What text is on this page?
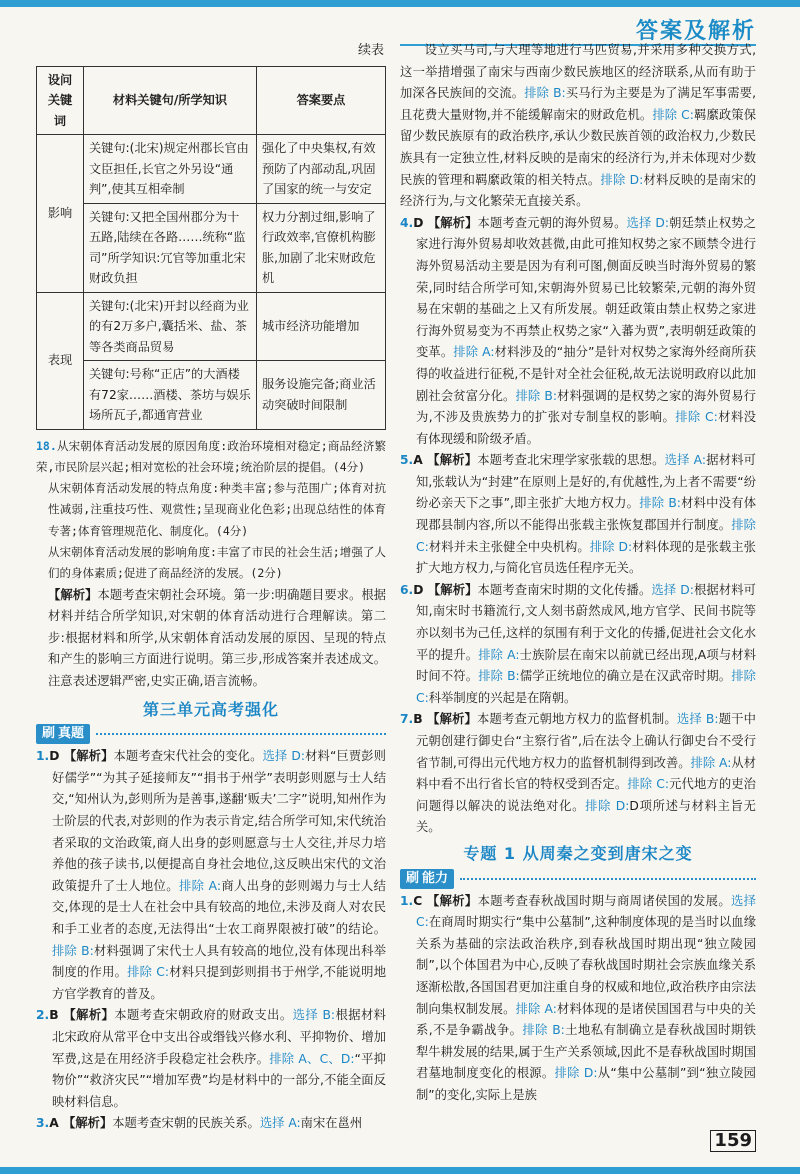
答案及解析

续表

设问关键词	材料关键句/所学知识	答案要点
影响	关键句:(北宋)规定州郡长官由文臣担任,长官之外另设“通判”,使其互相牵制	强化了中央集权,有效预防了内部动乱,巩固了国家的统一与安定
	关键句:又把全国州郡分为十五路,陆续在各路……统称“监司”所学知识:冗官等加重北宋财政负担	权力分割过细,影响了行政效率,官僚机构膨胀,加剧了北宋财政危机
表现	关键句:(北宋)开封以经商为业的有2万多户,囊括米、盐、茶等各类商品贸易	城市经济功能增加
	关键句:号称“正店”的大酒楼有72家……酒楼、茶坊与娱乐场所瓦子,都通宵营业	服务设施完备;商业活动突破时间限制

18.从宋朝体育活动发展的原因角度:政治环境相对稳定;商品经济繁荣,市民阶层兴起;相对宽松的社会环境;统治阶层的提倡。(4分)

从宋朝体育活动发展的特点角度:种类丰富;参与范围广;体育对抗性减弱,注重技巧性、观赏性;呈现商业化色彩;出现总结性的体育专著;体育管理规范化、制度化。(4分)

从宋朝体育活动发展的影响角度:丰富了市民的社会生活;增强了人们的身体素质;促进了商品经济的发展。(2分)

【解析】本题考查宋朝社会环境。第一步:明确题目要求。根据材料并结合所学知识,对宋朝的体育活动进行合理解读。第二步:根据材料和所学,从宋朝体育活动发展的原因、呈现的特点和产生的影响三方面进行说明。第三步,形成答案并表述成文。注意表述逻辑严密,史实正确,语言流畅。

第三单元高考强化
刷 真题

1.D 【解析】本题考查宋代社会的变化。选择 D:材料“巨贾彭则好儒学”“为其子延接师友”“捐书于州学”表明彭则愿与士人结交,“知州认为,彭则所为是善事,遂翻‘贩夫’二字”说明,知州作为士阶层的代表,对彭则的作为表示肯定,结合所学可知,宋代统治者采取的文治政策,商人出身的彭则愿意与士人交往,并尽力培养他的孩子读书,以便提高自身社会地位,这反映出宋代的文治政策提升了士人地位。排除 A:商人出身的彭则竭力与士人结交,体现的是士人在社会中具有较高的地位,未涉及商人对农民和手工业者的态度,无法得出“士农工商界限被打破”的结论。排除 B:材料强调了宋代士人具有较高的地位,没有体现出科举制度的作用。排除 C:材料只提到彭则捐书于州学,不能说明地方官学教育的普及。

2.B 【解析】本题考查宋朝政府的财政支出。选择 B:根据材料北宋政府从常平仓中支出谷或缗钱兴修水利、平抑物价、增加军费,这是在用经济手段稳定社会秩序。排除 A、C、D:“平抑物价”“救济灾民”“增加军费”均是材料中的一部分,不能全面反映材料信息。

3.A 【解析】本题考查宋朝的民族关系。选择 A:南宋在邕州

设立买马司,与大理等地进行马匹贸易,并采用多种交换方式,这一举措增强了南宋与西南少数民族地区的经济联系,从而有助于加深各民族间的交流。排除 B:买马行为主要是为了满足军事需要,且花费大量财物,并不能缓解南宋的财政危机。排除 C:羁縻政策保留少数民族原有的政治秩序,承认少数民族首领的政治权力,少数民族具有一定独立性,材料反映的是南宋的经济行为,并未体现对少数民族的管理和羁縻政策的相关特点。排除 D:材料反映的是南宋的经济行为,与文化繁荣无直接关系。

4.D 【解析】本题考查元朝的海外贸易。选择 D:朝廷禁止权势之家进行海外贸易却收效甚微,由此可推知权势之家不顾禁令进行海外贸易活动主要是因为有利可图,侧面反映当时海外贸易的繁荣,同时结合所学可知,宋朝海外贸易已比较繁荣,元朝的海外贸易在宋朝的基础之上又有所发展。朝廷政策由禁止权势之家进行海外贸易变为不再禁止权势之家“入蕃为贾”,表明朝廷政策的变革。排除 A:材料涉及的“抽分”是针对权势之家海外经商所获得的收益进行征税,不是针对全社会征税,故无法说明政府以此加剧社会贫富分化。排除 B:材料强调的是权势之家的海外贸易行为,不涉及贵族势力的扩张对专制皇权的影响。排除 C:材料没有体现缓和阶级矛盾。

5.A 【解析】本题考查北宋理学家张载的思想。选择 A:据材料可知,张载认为“封建”在原则上是好的,有优越性,为上者不需要“纷纷必亲天下之事”,即主张扩大地方权力。排除 B:材料中没有体现郡县制内容,所以不能得出张载主张恢复郡国并行制度。排除 C:材料并未主张健全中央机构。排除 D:材料体现的是张载主张扩大地方权力,与简化官员选任程序无关。

6.D 【解析】本题考查南宋时期的文化传播。选择 D:根据材料可知,南宋时书籍流行,文人刻书蔚然成风,地方官学、民间书院等亦以刻书为己任,这样的氛围有利于文化的传播,促进社会文化水平的提升。排除 A:士族阶层在南宋以前就已经出现,A项与材料时间不符。排除 B:儒学正统地位的确立是在汉武帝时期。排除 C:科举制度的兴起是在隋朝。

7.B 【解析】本题考查元朝地方权力的监督机制。选择 B:题干中元朝创建行御史台“主察行省”,后在法令上确认行御史台不受行省节制,可得出元代地方权力的监督机制得到改善。排除 A:从材料中看不出行省长官的特权受到否定。排除 C:元代地方的吏治问题得以解决的说法绝对化。排除 D:D项所述与材料主旨无关。

专题 1 从周秦之变到唐宋之变
刷 能力

1.C 【解析】本题考查春秋战国时期与商周诸侯国的发展。选择 C:在商周时期实行“集中公墓制”,这种制度体现的是当时以血缘关系为基础的宗法政治秩序,到春秋战国时期出现“独立陵园制”,以个体国君为中心,反映了春秋战国时期社会宗族血缘关系逐渐松散,各国国君更加注重自身的权威和地位,政治秩序由宗法制向集权制发展。排除 A:材料体现的是诸侯国国君与中央的关系,不是争霸战争。排除 B:土地私有制确立是春秋战国时期铁犁牛耕发展的结果,属于生产关系领域,因此不是春秋战国时期国君墓地制度变化的根源。排除 D:从“集中公墓制”到“独立陵园制”的变化,实际上是族

159
